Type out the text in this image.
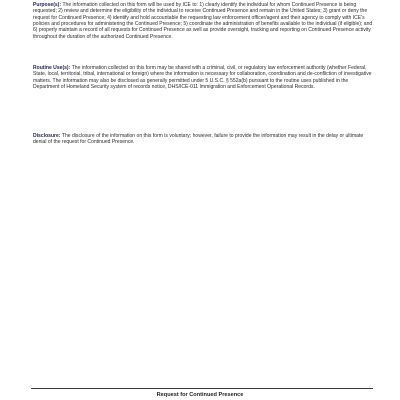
Purpose(s): The information collected on this form will be used by ICE to: 1) clearly identify the individual for whom Continued Presence is being requested; 2) review and determine the eligibility of the individual to receive Continued Presence and remain in the United States; 3) grant or deny the request for Continued Presence; 4) identify and hold accountable the requesting law enforcement officer/agent and their agency to comply with ICE's policies and procedures for administering the Continued Presence; 5) coordinate the administration of benefits available to the individual (if eligible); and 6) properly maintain a record of all requests for Continued Presence as well as provide oversight, tracking and reporting on Continued Presence activity throughout the duration of the authorized Continued Presence.
Routine Use(s): The information collected on this form may be shared with a criminal, civil, or regulatory law enforcement authority (whether Federal, State, local, territorial, tribal, international or foreign) where the information is necessary for collaboration, coordination and de-confliction of investigative matters. The information may also be disclosed as generally permitted under 5 U.S.C. § 552a(b) pursuant to the routine uses published in the Department of Homeland Security system of records notice, DHS/ICE-011 Immigration and Enforcement Operational Records.
Disclosure: The disclosure of the information on this form is voluntary; however, failure to provide the information may result in the delay or ultimate denial of the request for Continued Presence.
Request for Continued Presence
